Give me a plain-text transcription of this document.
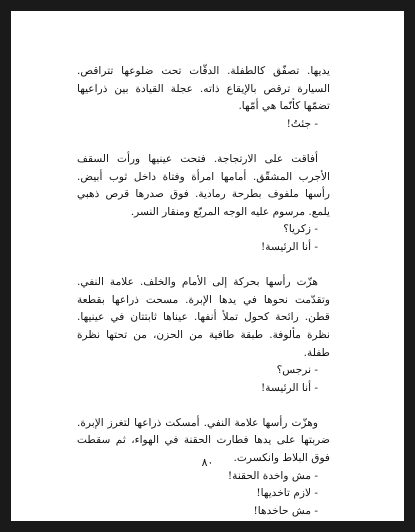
يديها. تصفّق كالطفلة. الدقّات تحت ضلوعها تتراقص. السيارة ترقص بالإيقاع ذاته. عجلة القيادة بين ذراعيها تضمّها كأنّما هي أمّها.

- جئتُ!

أفاقت على الارتجاجة. فتحت عينيها ورأت السقف الأجرب المشقّق. أمامها امرأة وفتاة داخل ثوب أبيض. رأسها ملفوف بطرحة رمادية. فوق صدرها قرص ذهبي يلمع. مرسوم عليه الوجه المربّع ومنقار النسر.

- زكريا؟
- أنا الرئيسة!

هزّت رأسها بحركة إلى الأمام والخلف. علامة النفي. وتقدّمت نحوها في يدها الإبرة. مسحت ذراعها بقطعة قطن. رائحة كحول تملأ أنفها. عيناها ثابتتان في عينيها. نظرة مألوفة. طبقة طافية من الحزن، من تحتها نظرة طفلة.

- نرجس؟
- أنا الرئيسة!

وهزّت رأسها علامة النفي. أمسكت ذراعها لتغرز الإبرة. ضربتها على يدها فطارت الحقنة في الهواء، ثم سقطت فوق البلاط وانكسرت.

- مش واخدة الحقنة!
- لازم تاخديها!
- مش حاخدها!
٨٠
